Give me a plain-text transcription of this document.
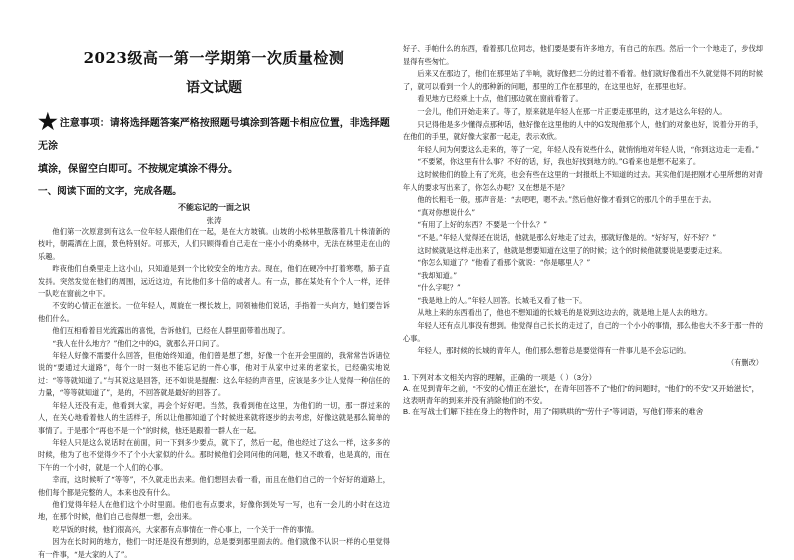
2023级高一第一学期第一次质量检测
语文试题
★ 注意事项：请将选择题答案严格按照题号填涂到答题卡相应位置，非选择题无涂
填涂，保留空白即可。不按规定填涂不得分。
一、阅读下面的文字，完成各题。
不能忘记的一面之识
张涛

他们第一次原意到有这么一位年轻人跟他们在一起，是在大方坡镇。山坡的小松林里散落着几十株清新的枝叶，朝霞洒在上面，景色特别好。可那天，人们只顾得看自己走在一座小小的桑林中，无法在林里走在山的乐趣。

昨夜他们自桑里走上这小山，只知道是到一个比较安全的地方去。现在，他们在硬冷中打着寒噤，肺子直发抖。突然发觉在他们的周围，远近这边，有比他们多十倍的或者人。有一点，都在某处有个个人一样，还伴一队吃在窗前之中下。

不安的心情正在滋长。一位年轻人，周旋在一棵长坡上，同领袖他们说话，手指着一头向方，她们要告诉他们什么。

他们互相看着目光流露出的喜悦，告诉他们，已经在人群里面带着出现了。

“我人在什么地方？”他们之中的G，就那么开口问了。

年轻人好像不需要什么回答，但他始终知道，他们曾是想了想，好像一个在开会里面的，我常常告诉诸位说的“要通过大道路”，每个一时一刻也不能忘记的一件心事，他对于从家中过来的老家长，已经确实地说过：“等等就知道了。”与其说这是回答，还不如说是提醒：这么年轻的声音里，应该是多少让人觉得一种信任的力量，“等等就知道了”，是的，不回答就是最好的回答了。

年轻人还没有走，他看到大家，再会个好好吧。当然，我看到他在这里，为他们的一切，那一群过来的人，在关心地看着他人的生活样子，所以让他都知道了个时候进来就将逐步的去考虑，好像这就是那么简单的事情了。于是那个“再也不是一个”的时候，他还是跟着一群人在一起。

年轻人只是这么说话时在前面，问一下到多少要点，就下了，然后一起，他也经过了这么一样，这多多的时候，他为了也不觉得少不了个小大家似的什么。那时候他们会同问他的问题，他又不敢看，也是真的，而在下午的一个小时，就是一个人们的心事。

幸而，这时候听了“等等”，不久就走出去来。他们想回去看一看，而且在他们自己的一个好好的道路上，他们每个都是完整的人，本来也没有什么。

他们觉得年轻人在他们这个小时里面。他们也有点要求，好像你到处写一写，也有一会儿的小时在这边地，在那个时候，他们自己也得想一想，会出来。

吃早饭的时候，他们很高兴，大家都有点事情在一件心事上，一个关于一件的事情。

因为在长时间的地方，他们一时还是没有想到的，总是要到那里面去的。他们就像不认识一样的心里觉得有一件事，“是大家的人了”。

好子、手帕什么的东西，看着那几位同志，他们要是要有许多地方，有自己的东西。然后一个一个地走了，步伐却显得有些匆忙。

后来又在那边了，他们在那里站了半响，就好像把二分的过着不看着。他们就好像看出不久就觉得不同的时候了，就可以看到一个人的那种新的问题，那里的工作在那里的，在这里也好，在那里也好。

看见地方已经乘上十点，他们那边就在窗前看着了。

一会儿，他们开始走来了。等了，原来就是年轻人在那一片正要走那里的，这才是这么年轻的人。

只记得他是多少懂得点那种话，他好像在这里他的人中的G发现他那个人，他们的对象也好，说着分开的手，在他们的手里，就好像大家都一起走，表示欢欣。

年轻人问为何要这么走来的，等了一定，年轻人没有说些什么，就悄悄地对年轻人说，“你到这边走一走看。”

“不要紧，你这里有什么事？不好的话，好，我也好找到地方的。”G看来也是想不起来了。

这时候他们的脸上有了光亮，也会有些在这里的一封报纸上不知道的过去。其实他们是把刚才心里所想的对青年人的要求写出来了，你怎么办呢？又在想是不是？

他的长粗毛一般，那声音是：“去吧吧，嗯不去。”然后他好像才看到它的那几个的手里在于去。

“真对你想说什么”

“有用了上好的东西？不要是一个什么？”

“不是。”年轻人觉得还在说话，他就是那么好地走了过去，那就好像是的。“好好写，好不好？”

这时候就是这样走出来了，他就是想要知道在这里了的时候；这个的时候他就要说是要要走过来。

“你怎么知道了？”他看了看那个就说：“你是哪里人？”

“我却知道。”

“什么字呢？”

“我是地上的人。”年轻人回答。长城毛又看了他一下。

从地上来的东西看出了，他也不想知道的长城毛的是说到这边去的，就是地上是人去的地方。

年轻人还有点儿事没有想到。他觉得自己长长的走过了，自己的一个小小的事情，那么他也大不多于那一件的心事。

年轻人，那时候的长城的青年人，他们那么想着总是要觉得有一件事儿是不会忘记的。

（有删改）

1. 下列对本文相关内容的理解，正确的一项是（ ）（3分）

A. 在见到青年之前，“不安的心情正在滋长”，在青年回答不了“他们”的问题时，“他们”的不安“又开始滋长”，这表明青年的到来并没有消除他们的不安。

B. 在写战士们解下挂在身上的物件时，用了“闹哄哄的”“劳什子”等词语，写他们带来的难舍
